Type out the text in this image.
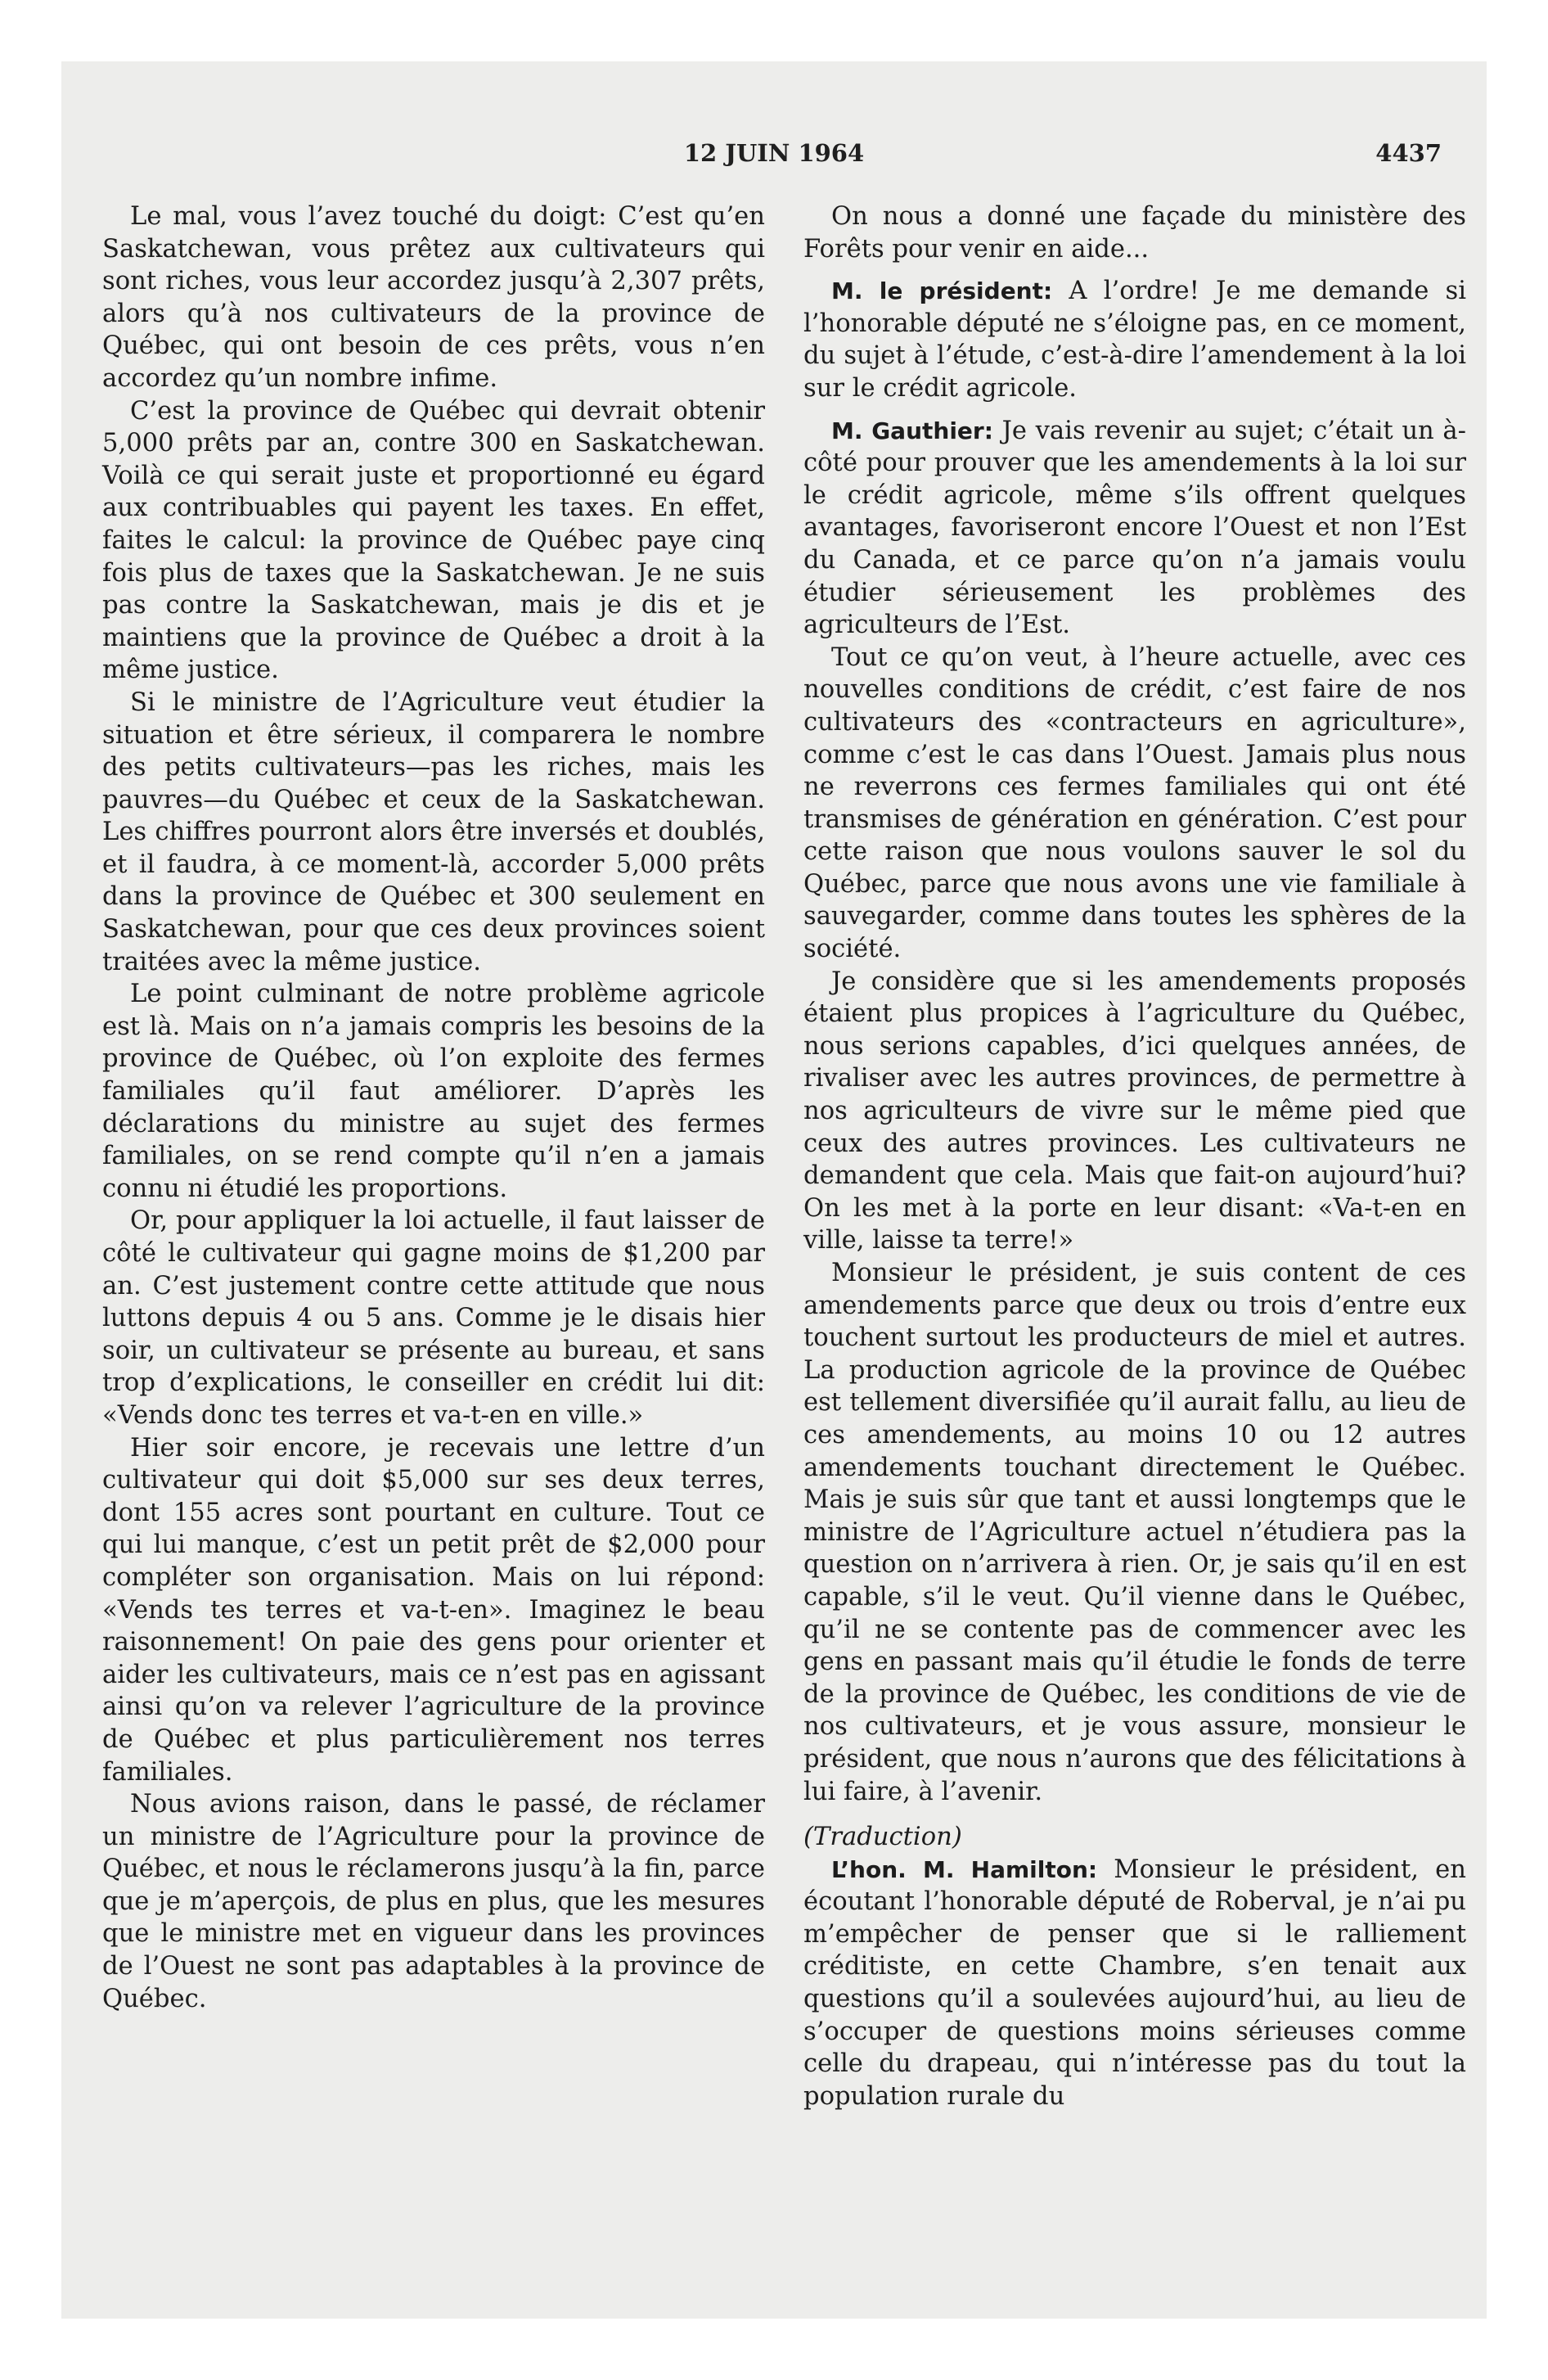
12 JUIN 1964	4437

Le mal, vous l’avez touché du doigt: C’est qu’en Saskatchewan, vous prêtez aux cultivateurs qui sont riches, vous leur accordez jusqu’à 2,307 prêts, alors qu’à nos cultivateurs de la province de Québec, qui ont besoin de ces prêts, vous n’en accordez qu’un nombre infime.

C’est la province de Québec qui devrait obtenir 5,000 prêts par an, contre 300 en Saskatchewan. Voilà ce qui serait juste et proportionné eu égard aux contribuables qui payent les taxes. En effet, faites le calcul: la province de Québec paye cinq fois plus de taxes que la Saskatchewan. Je ne suis pas contre la Saskatchewan, mais je dis et je maintiens que la province de Québec a droit à la même justice.

Si le ministre de l’Agriculture veut étudier la situation et être sérieux, il comparera le nombre des petits cultivateurs—pas les riches, mais les pauvres—du Québec et ceux de la Saskatchewan. Les chiffres pourront alors être inversés et doublés, et il faudra, à ce moment-là, accorder 5,000 prêts dans la province de Québec et 300 seulement en Saskatchewan, pour que ces deux provinces soient traitées avec la même justice.

Le point culminant de notre problème agricole est là. Mais on n’a jamais compris les besoins de la province de Québec, où l’on exploite des fermes familiales qu’il faut améliorer. D’après les déclarations du ministre au sujet des fermes familiales, on se rend compte qu’il n’en a jamais connu ni étudié les proportions.

Or, pour appliquer la loi actuelle, il faut laisser de côté le cultivateur qui gagne moins de $1,200 par an. C’est justement contre cette attitude que nous luttons depuis 4 ou 5 ans. Comme je le disais hier soir, un cultivateur se présente au bureau, et sans trop d’explications, le conseiller en crédit lui dit: «Vends donc tes terres et va-t-en en ville.»

Hier soir encore, je recevais une lettre d’un cultivateur qui doit $5,000 sur ses deux terres, dont 155 acres sont pourtant en culture. Tout ce qui lui manque, c’est un petit prêt de $2,000 pour compléter son organisation. Mais on lui répond: «Vends tes terres et va-t-en». Imaginez le beau raisonnement! On paie des gens pour orienter et aider les cultivateurs, mais ce n’est pas en agissant ainsi qu’on va relever l’agriculture de la province de Québec et plus particulièrement nos terres familiales.

Nous avions raison, dans le passé, de réclamer un ministre de l’Agriculture pour la province de Québec, et nous le réclamerons jusqu’à la fin, parce que je m’aperçois, de plus en plus, que les mesures que le ministre met en vigueur dans les provinces de l’Ouest ne sont pas adaptables à la province de Québec.

On nous a donné une façade du ministère des Forêts pour venir en aide...

M. le président: A l’ordre! Je me demande si l’honorable député ne s’éloigne pas, en ce moment, du sujet à l’étude, c’est-à-dire l’amendement à la loi sur le crédit agricole.

M. Gauthier: Je vais revenir au sujet; c’était un à-côté pour prouver que les amendements à la loi sur le crédit agricole, même s’ils offrent quelques avantages, favoriseront encore l’Ouest et non l’Est du Canada, et ce parce qu’on n’a jamais voulu étudier sérieusement les problèmes des agriculteurs de l’Est.

Tout ce qu’on veut, à l’heure actuelle, avec ces nouvelles conditions de crédit, c’est faire de nos cultivateurs des «contracteurs en agriculture», comme c’est le cas dans l’Ouest. Jamais plus nous ne reverrons ces fermes familiales qui ont été transmises de génération en génération. C’est pour cette raison que nous voulons sauver le sol du Québec, parce que nous avons une vie familiale à sauvegarder, comme dans toutes les sphères de la société.

Je considère que si les amendements proposés étaient plus propices à l’agriculture du Québec, nous serions capables, d’ici quelques années, de rivaliser avec les autres provinces, de permettre à nos agriculteurs de vivre sur le même pied que ceux des autres provinces. Les cultivateurs ne demandent que cela. Mais que fait-on aujourd’hui? On les met à la porte en leur disant: «Va-t-en en ville, laisse ta terre!»

Monsieur le président, je suis content de ces amendements parce que deux ou trois d’entre eux touchent surtout les producteurs de miel et autres. La production agricole de la province de Québec est tellement diversifiée qu’il aurait fallu, au lieu de ces amendements, au moins 10 ou 12 autres amendements touchant directement le Québec. Mais je suis sûr que tant et aussi longtemps que le ministre de l’Agriculture actuel n’étudiera pas la question on n’arrivera à rien. Or, je sais qu’il en est capable, s’il le veut. Qu’il vienne dans le Québec, qu’il ne se contente pas de commencer avec les gens en passant mais qu’il étudie le fonds de terre de la province de Québec, les conditions de vie de nos cultivateurs, et je vous assure, monsieur le président, que nous n’aurons que des félicitations à lui faire, à l’avenir.

(Traduction)

L’hon. M. Hamilton: Monsieur le président, en écoutant l’honorable député de Roberval, je n’ai pu m’empêcher de penser que si le ralliement créditiste, en cette Chambre, s’en tenait aux questions qu’il a soulevées aujourd’hui, au lieu de s’occuper de questions moins sérieuses comme celle du drapeau, qui n’intéresse pas du tout la population rurale du
